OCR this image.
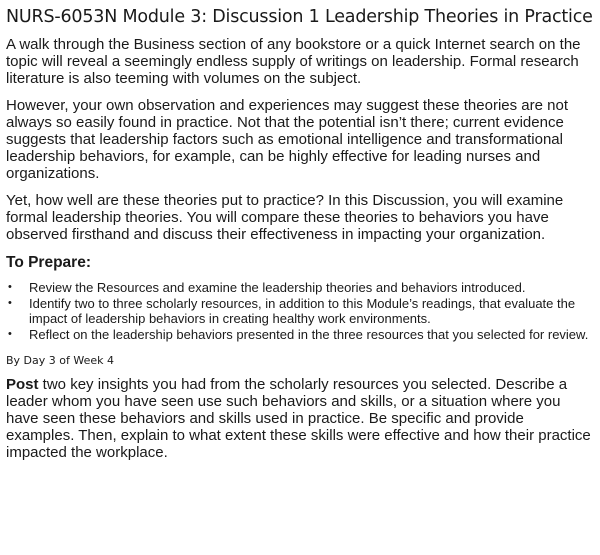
NURS-6053N Module 3: Discussion 1 Leadership Theories in Practice

A walk through the Business section of any bookstore or a quick Internet search on the topic will reveal a seemingly endless supply of writings on leadership. Formal research literature is also teeming with volumes on the subject.

However, your own observation and experiences may suggest these theories are not always so easily found in practice. Not that the potential isn’t there; current evidence suggests that leadership factors such as emotional intelligence and transformational leadership behaviors, for example, can be highly effective for leading nurses and organizations.

Yet, how well are these theories put to practice? In this Discussion, you will examine formal leadership theories. You will compare these theories to behaviors you have observed firsthand and discuss their effectiveness in impacting your organization.

To Prepare:
• Review the Resources and examine the leadership theories and behaviors introduced.
• Identify two to three scholarly resources, in addition to this Module’s readings, that evaluate the impact of leadership behaviors in creating healthy work environments.
• Reflect on the leadership behaviors presented in the three resources that you selected for review.
By Day 3 of Week 4

Post two key insights you had from the scholarly resources you selected. Describe a leader whom you have seen use such behaviors and skills, or a situation where you have seen these behaviors and skills used in practice. Be specific and provide examples. Then, explain to what extent these skills were effective and how their practice impacted the workplace.
